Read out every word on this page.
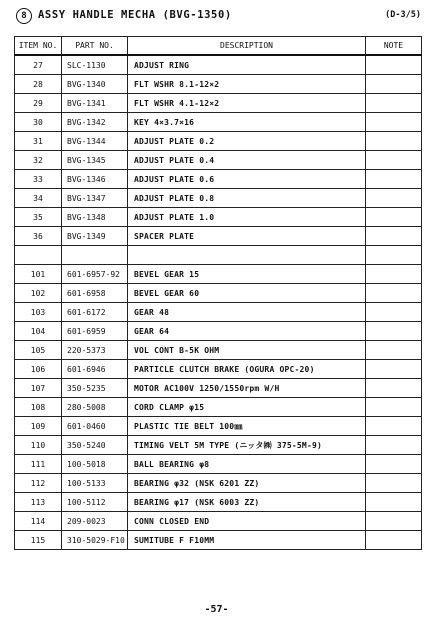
8	ASSY HANDLE MECHA (BVG-1350)	(D-3/5)
ITEM NO.	PART NO.	DESCRIPTION	NOTE
27	SLC-1130	ADJUST RING	
28	BVG-1340	FLT WSHR 8.1-12×2	
29	BVG-1341	FLT WSHR 4.1-12×2	
30	BVG-1342	KEY 4×3.7×16	
31	BVG-1344	ADJUST PLATE 0.2	
32	BVG-1345	ADJUST PLATE 0.4	
33	BVG-1346	ADJUST PLATE 0.6	
34	BVG-1347	ADJUST PLATE 0.8	
35	BVG-1348	ADJUST PLATE 1.0	
36	BVG-1349	SPACER PLATE	

101	601-6957-92	BEVEL GEAR 15	
102	601-6958	BEVEL GEAR 60	
103	601-6172	GEAR 48	
104	601-6959	GEAR 64	
105	220-5373	VOL CONT B-5K OHM	
106	601-6946	PARTICLE CLUTCH BRAKE (OGURA OPC-20)	
107	350-5235	MOTOR AC100V 1250/1550rpm W/H	
108	280-5008	CORD CLAMP φ15	
109	601-0460	PLASTIC TIE BELT 100㎜	
110	350-5240	TIMING VELT 5M TYPE (ニッタ㈱ 375-5M-9)	
111	100-5018	BALL BEARING φ8	
112	100-5133	BEARING φ32 (NSK 6201 ZZ)	
113	100-5112	BEARING φ17 (NSK 6003 ZZ)	
114	209-0023	CONN CLOSED END	
115	310-5029-F10	SUMITUBE F F10MM	
-57-
